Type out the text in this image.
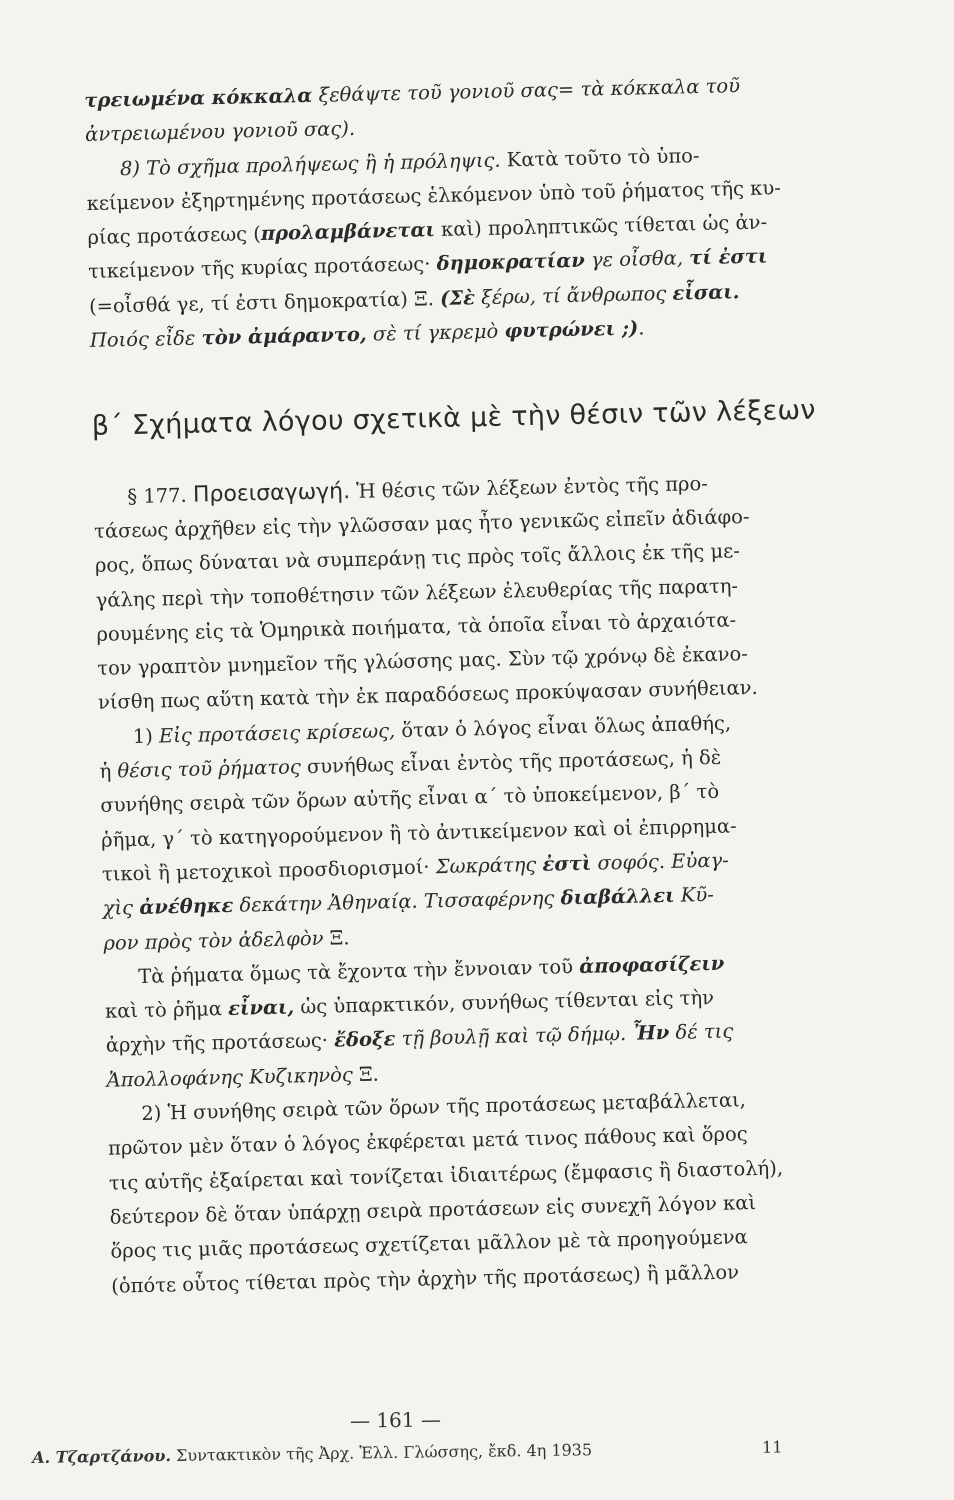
τρειωμένα κόκκαλα ξεθάψτε τοῦ γονιοῦ σας= τὰ κόκκαλα τοῦ
ἀντρειωμένου γονιοῦ σας).
8) Τὸ σχῆμα προλήψεως ἢ ἡ πρόληψις. Κατὰ τοῦτο τὸ ὑπο-
κείμενον ἐξηρτημένης προτάσεως ἑλκόμενον ὑπὸ τοῦ ῥήματος τῆς κυ-
ρίας προτάσεως (προλαμβάνεται καὶ) προληπτικῶς τίθεται ὡς ἀν-
τικείμενον τῆς κυρίας προτάσεως· δημοκρατίαν γε οἶσθα, τί ἐστι
(=οἶσθά γε, τί ἐστι δημοκρατία) Ξ. (Σὲ ξέρω, τί ἄνθρωπος εἶσαι.
Ποιός εἶδε τὸν ἀμάραντο, σὲ τί γκρεμὸ φυτρώνει ;).
β΄ Σχήματα λόγου σχετικὰ μὲ τὴν θέσιν τῶν λέξεων
§ 177. Προεισαγωγή. Ἡ θέσις τῶν λέξεων ἐντὸς τῆς προ-
τάσεως ἀρχῆθεν εἰς τὴν γλῶσσαν μας ἦτο γενικῶς εἰπεῖν ἀδιάφο-
ρος, ὅπως δύναται νὰ συμπεράνῃ τις πρὸς τοῖς ἄλλοις ἐκ τῆς με-
γάλης περὶ τὴν τοποθέτησιν τῶν λέξεων ἐλευθερίας τῆς παρατη-
ρουμένης εἰς τὰ Ὁμηρικὰ ποιήματα, τὰ ὁποῖα εἶναι τὸ ἀρχαιότα-
τον γραπτὸν μνημεῖον τῆς γλώσσης μας. Σὺν τῷ χρόνῳ δὲ ἐκανο-
νίσθη πως αὕτη κατὰ τὴν ἐκ παραδόσεως προκύψασαν συνήθειαν.
1) Εἰς προτάσεις κρίσεως, ὅταν ὁ λόγος εἶναι ὅλως ἀπαθής,
ἡ θέσις τοῦ ῥήματος συνήθως εἶναι ἐντὸς τῆς προτάσεως, ἡ δὲ
συνήθης σειρὰ τῶν ὅρων αὐτῆς εἶναι α΄ τὸ ὑποκείμενον, β΄ τὸ
ῥῆμα, γ΄ τὸ κατηγορούμενον ἢ τὸ ἀντικείμενον καὶ οἱ ἐπιρρημα-
τικοὶ ἢ μετοχικοὶ προσδιορισμοί· Σωκράτης ἐστὶ σοφός. Εὐαγ-
χὶς ἀνέθηκε δεκάτην Ἀθηναίᾳ. Τισσαφέρνης διαβάλλει Κῦ-
ρον πρὸς τὸν ἀδελφὸν Ξ.
Τὰ ῥήματα ὅμως τὰ ἔχοντα τὴν ἔννοιαν τοῦ ἀποφασίζειν
καὶ τὸ ῥῆμα εἶναι, ὡς ὑπαρκτικόν, συνήθως τίθενται εἰς τὴν
ἀρχὴν τῆς προτάσεως· ἔδοξε τῇ βουλῇ καὶ τῷ δήμῳ. Ἦν δέ τις
Ἀπολλοφάνης Κυζικηνὸς Ξ.
2) Ἡ συνήθης σειρὰ τῶν ὅρων τῆς προτάσεως μεταβάλλεται,
πρῶτον μὲν ὅταν ὁ λόγος ἐκφέρεται μετά τινος πάθους καὶ ὅρος
τις αὐτῆς ἐξαίρεται καὶ τονίζεται ἰδιαιτέρως (ἔμφασις ἢ διαστολή),
δεύτερον δὲ ὅταν ὑπάρχῃ σειρὰ προτάσεων εἰς συνεχῆ λόγον καὶ
ὅρος τις μιᾶς προτάσεως σχετίζεται μᾶλλον μὲ τὰ προηγούμενα
(ὁπότε οὗτος τίθεται πρὸς τὴν ἀρχὴν τῆς προτάσεως) ἢ μᾶλλον
— 161 —
Α. Τζαρτζάνου. Συντακτικὸν τῆς Ἀρχ. Ἑλλ. Γλώσσης, ἔκδ. 4η 1935	11
